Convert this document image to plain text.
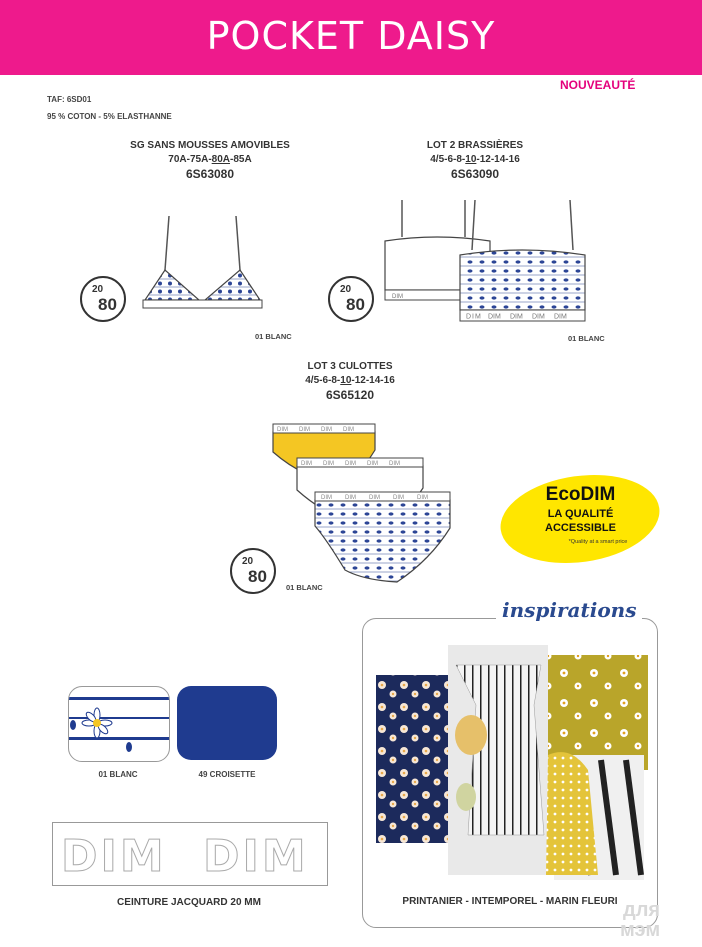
POCKET DAISY
NOUVEAUTÉ
TAF: 6SD01
95 % COTON - 5% ELASTHANNE
SG SANS MOUSSES AMOVIBLES
70A-75A-80A-85A
6S63080
LOT 2 BRASSIÈRES
4/5-6-8-10-12-14-16
6S63090
20
80
01 BLANC
DIM
DIM DIM DIM DIM DIM
20
80
01 BLANC
LOT 3 CULOTTES
4/5-6-8-10-12-14-16
6S65120
DIM DIM DIM DIM
DIM DIM DIM DIM DIM
DIM DIM DIM DIM DIM
20
80
01 BLANC
EcoDIM
LA QUALITÉ
ACCESSIBLE
*Quality at a smart price
01 BLANC	49 CROISETTE
DIM DIM
CEINTURE JACQUARD 20 MM
inspirations
PRINTANIER - INTEMPOREL - MARIN FLEURI для
мэм
